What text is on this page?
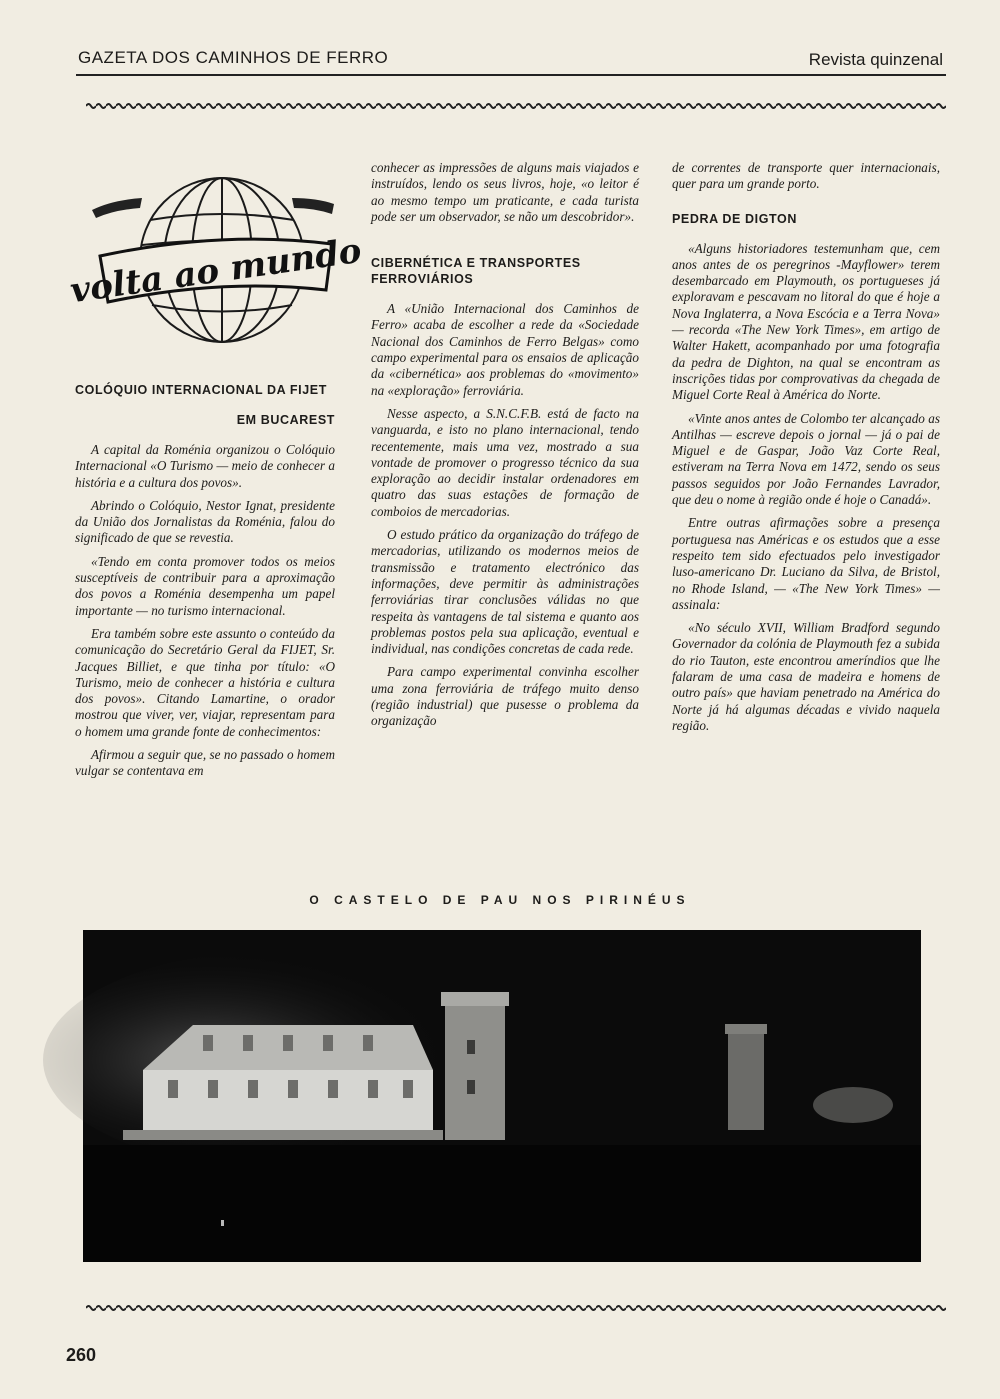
GAZETA DOS CAMINHOS DE FERRO	Revista quinzenal
volta ao mundo
COLÓQUIO INTERNACIONAL DA FIJET
EM BUCAREST

A capital da Roménia organizou o Colóquio Internacional «O Turismo — meio de conhecer a história e a cultura dos povos».

Abrindo o Colóquio, Nestor Ignat, presidente da União dos Jornalistas da Roménia, falou do significado de que se revestia.

«Tendo em conta promover todos os meios susceptíveis de contribuir para a aproximação dos povos a Roménia desempenha um papel importante — no turismo internacional.

Era também sobre este assunto o conteúdo da comunicação do Secretário Geral da FIJET, Sr. Jacques Billiet, e que tinha por título: «O Turismo, meio de conhecer a história e cultura dos povos». Citando Lamartine, o orador mostrou que viver, ver, viajar, representam para o homem uma grande fonte de conhecimentos:

Afirmou a seguir que, se no passado o homem vulgar se contentava em

conhecer as impressões de alguns mais viajados e instruídos, lendo os seus livros, hoje, «o leitor é ao mesmo tempo um praticante, e cada turista pode ser um observador, se não um descobridor».

CIBERNÉTICA E TRANSPORTES FERROVIÁRIOS

A «União Internacional dos Caminhos de Ferro» acaba de escolher a rede da «Sociedade Nacional dos Caminhos de Ferro Belgas» como campo experimental para os ensaios de aplicação da «cibernética» aos problemas do «movimento» na «exploração» ferroviária.

Nesse aspecto, a S.N.C.F.B. está de facto na vanguarda, e isto no plano internacional, tendo recentemente, mais uma vez, mostrado a sua vontade de promover o progresso técnico da sua exploração ao decidir instalar ordenadores em quatro das suas estações de formação de comboios de mercadorias.

O estudo prático da organização do tráfego de mercadorias, utilizando os modernos meios de transmissão e tratamento electrónico das informações, deve permitir às administrações ferroviárias tirar conclusões válidas no que respeita às vantagens de tal sistema e quanto aos problemas postos pela sua aplicação, eventual e individual, nas condições concretas de cada rede.

Para campo experimental convinha escolher uma zona ferroviária de tráfego muito denso (região industrial) que pusesse o problema da organização

de correntes de transporte quer internacionais, quer para um grande porto.

PEDRA DE DIGTON

«Alguns historiadores testemunham que, cem anos antes de os peregrinos -Mayflower» terem desembarcado em Playmouth, os portugueses já exploravam e pescavam no litoral do que é hoje a Nova Inglaterra, a Nova Escócia e a Terra Nova» — recorda «The New York Times», em artigo de Walter Hakett, acompanhado por uma fotografia da pedra de Dighton, na qual se encontram as inscrições tidas por comprovativas da chegada de Miguel Corte Real à América do Norte.

«Vinte anos antes de Colombo ter alcançado as Antilhas — escreve depois o jornal — já o pai de Miguel e de Gaspar, João Vaz Corte Real, estiveram na Terra Nova em 1472, sendo os seus passos seguidos por João Fernandes Lavrador, que deu o nome à região onde é hoje o Canadá».

Entre outras afirmações sobre a presença portuguesa nas Américas e os estudos que a esse respeito tem sido efectuados pelo investigador luso-americano Dr. Luciano da Silva, de Bristol, no Rhode Island, — «The New York Times» — assinala:

«No século XVII, William Bradford segundo Governador da colónia de Playmouth fez a subida do rio Tauton, este encontrou ameríndios que lhe falaram de uma casa de madeira e homens de outro país» que haviam penetrado na América do Norte já há algumas décadas e vivido naquela região.

O CASTELO DE PAU NOS PIRINÉUS
260
